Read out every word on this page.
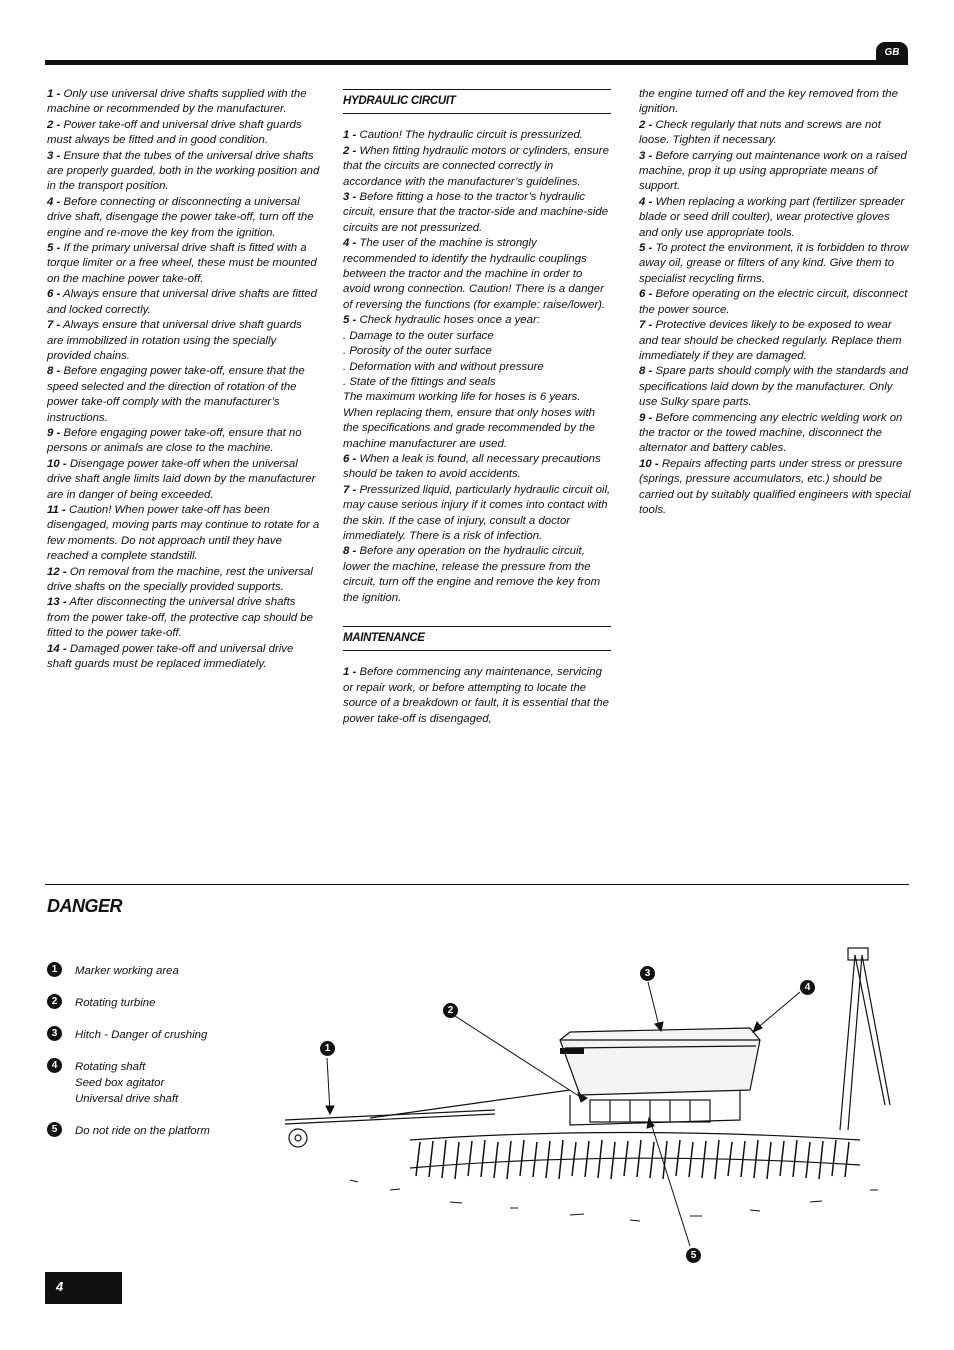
GB

1 - Only use universal drive shafts supplied with the machine or recommended by the manufacturer.

2 - Power take-off and universal drive shaft guards must always be fitted and in good condition.

3 - Ensure that the tubes of the universal drive shafts are properly guarded, both in the working position and in the transport position.

4 - Before connecting or disconnecting a universal drive shaft, disengage the power take-off, turn off the engine and re-move the key from the ignition.

5 - If the primary universal drive shaft is fitted with a torque limiter or a free wheel, these must be mounted on the machine power take-off.

6 - Always ensure that universal drive shafts are fitted and locked correctly.

7 - Always ensure that universal drive shaft guards are immobilized in rotation using the specially provided chains.

8 - Before engaging power take-off, ensure that the speed selected and the direction of rotation of the power take-off comply with the manufacturer’s instructions.

9 - Before engaging power take-off, ensure that no persons or animals are close to the machine.

10 - Disengage power take-off when the universal drive shaft angle limits laid down by the manufacturer are in danger of being exceeded.

11 - Caution! When power take-off has been disengaged, moving parts may continue to rotate for a few moments. Do not approach until they have reached a complete standstill.

12 - On removal from the machine, rest the universal drive shafts on the specially provided supports.

13 - After disconnecting the universal drive shafts from the power take-off, the protective cap should be fitted to the power take-off.

14 - Damaged power take-off and universal drive shaft guards must be replaced immediately.

HYDRAULIC CIRCUIT

1 - Caution! The hydraulic circuit is pressurized.

2 - When fitting hydraulic motors or cylinders, ensure that the circuits are connected correctly in accordance with the manufacturer’s guidelines.

3 - Before fitting a hose to the tractor’s hydraulic circuit, ensure that the tractor-side and machine-side circuits are not pressurized.

4 - The user of the machine is strongly recommended to identify the hydraulic couplings between the tractor and the machine in order to avoid wrong connection. Caution! There is a danger of reversing the functions (for example: raise/lower).

5 - Check hydraulic hoses once a year:

. Damage to the outer surface

. Porosity of the outer surface

. Deformation with and without pressure

. State of the fittings and seals

The maximum working life for hoses is 6 years. When replacing them, ensure that only hoses with the specifications and grade recommended by the machine manufacturer are used.

6 - When a leak is found, all necessary precautions should be taken to avoid accidents.

7 - Pressurized liquid, particularly hydraulic circuit oil, may cause serious injury if it comes into contact with the skin. If the case of injury, consult a doctor immediately. There is a risk of infection.

8 - Before any operation on the hydraulic circuit, lower the machine, release the pressure from the circuit, turn off the engine and remove the key from the ignition.

MAINTENANCE

1 - Before commencing any maintenance, servicing or repair work, or before attempting to locate the source of a breakdown or fault, it is essential that the power take-off is disengaged,

the engine turned off and the key removed from the ignition.

2 - Check regularly that nuts and screws are not loose. Tighten if necessary.

3 - Before carrying out maintenance work on a raised machine, prop it up using appropriate means of support.

4 - When replacing a working part (fertilizer spreader blade or seed drill coulter), wear protective gloves and only use appropriate tools.

5 - To protect the environment, it is forbidden to throw away oil, grease or filters of any kind. Give them to specialist recycling firms.

6 - Before operating on the electric circuit, disconnect the power source.

7 - Protective devices likely to be exposed to wear and tear should be checked regularly. Replace them immediately if they are damaged.

8 - Spare parts should comply with the standards and specifications laid down by the manufacturer. Only use Sulky spare parts.

9 - Before commencing any electric welding work on the tractor or the towed machine, disconnect the alternator and battery cables.

10 - Repairs affecting parts under stress or pressure (springs, pressure accumulators, etc.) should be carried out by suitably qualified engineers with special tools.

DANGER
1	Marker working area
2	Rotating turbine
3	Hitch - Danger of crushing
4	Rotating shaft
Seed box agitator
Universal drive shaft
5	Do not ride on the platform
1
2
3
4
5
4
